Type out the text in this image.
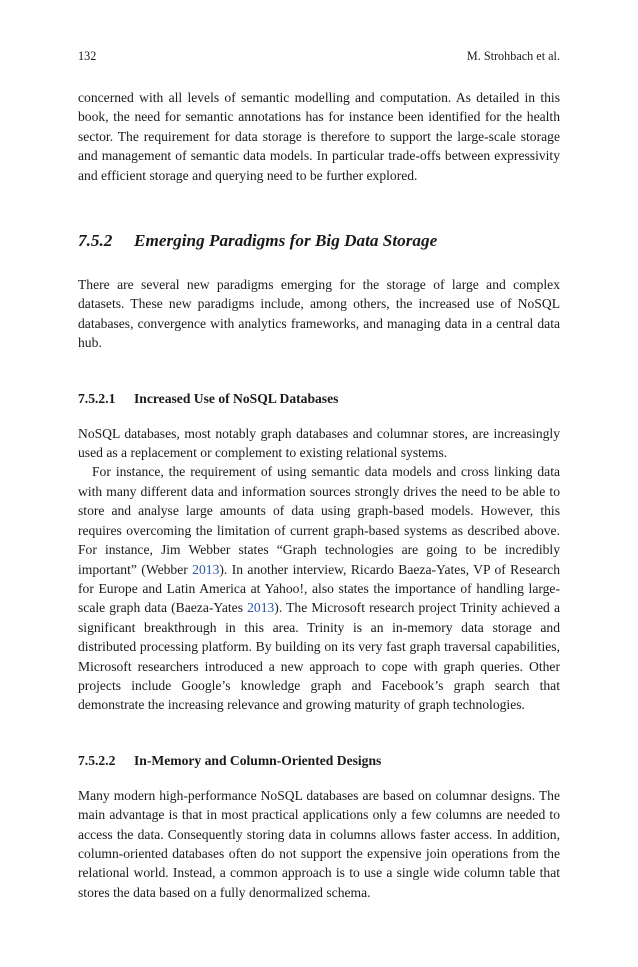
132	M. Strohbach et al.

concerned with all levels of semantic modelling and computation. As detailed in this book, the need for semantic annotations has for instance been identified for the health sector. The requirement for data storage is therefore to support the large-scale storage and management of semantic data models. In particular trade-offs between expressivity and efficient storage and querying need to be further explored.

7.5.2 Emerging Paradigms for Big Data Storage

There are several new paradigms emerging for the storage of large and complex datasets. These new paradigms include, among others, the increased use of NoSQL databases, convergence with analytics frameworks, and managing data in a central data hub.

7.5.2.1 Increased Use of NoSQL Databases

NoSQL databases, most notably graph databases and columnar stores, are increasingly used as a replacement or complement to existing relational systems.

For instance, the requirement of using semantic data models and cross linking data with many different data and information sources strongly drives the need to be able to store and analyse large amounts of data using graph-based models. However, this requires overcoming the limitation of current graph-based systems as described above. For instance, Jim Webber states “Graph technologies are going to be incredibly important” (Webber 2013). In another interview, Ricardo Baeza-Yates, VP of Research for Europe and Latin America at Yahoo!, also states the importance of handling large-scale graph data (Baeza-Yates 2013). The Microsoft research project Trinity achieved a significant breakthrough in this area. Trinity is an in-memory data storage and distributed processing platform. By building on its very fast graph traversal capabilities, Microsoft researchers introduced a new approach to cope with graph queries. Other projects include Google’s knowledge graph and Facebook’s graph search that demonstrate the increasing relevance and growing maturity of graph technologies.

7.5.2.2 In-Memory and Column-Oriented Designs

Many modern high-performance NoSQL databases are based on columnar designs. The main advantage is that in most practical applications only a few columns are needed to access the data. Consequently storing data in columns allows faster access. In addition, column-oriented databases often do not support the expensive join operations from the relational world. Instead, a common approach is to use a single wide column table that stores the data based on a fully denormalized schema.
